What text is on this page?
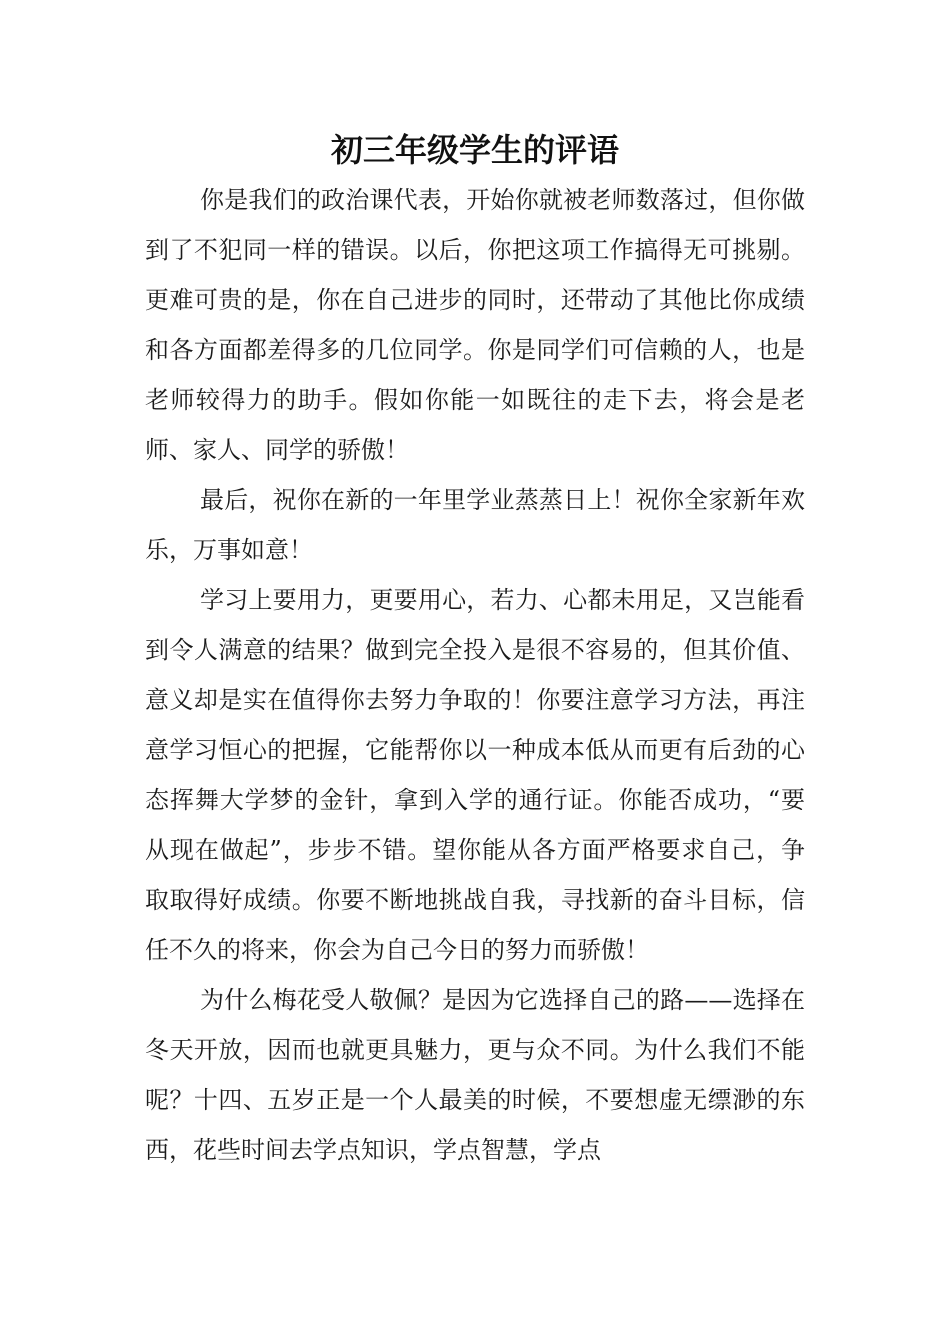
初三年级学生的评语

你是我们的政治课代表，开始你就被老师数落过，但你做到了不犯同一样的错误。以后，你把这项工作搞得无可挑剔。更难可贵的是，你在自己进步的同时，还带动了其他比你成绩和各方面都差得多的几位同学。你是同学们可信赖的人，也是老师较得力的助手。假如你能一如既往的走下去，将会是老师、家人、同学的骄傲！

最后，祝你在新的一年里学业蒸蒸日上！祝你全家新年欢乐，万事如意！

学习上要用力，更要用心，若力、心都未用足，又岂能看到令人满意的结果？做到完全投入是很不容易的，但其价值、意义却是实在值得你去努力争取的！你要注意学习方法，再注意学习恒心的把握，它能帮你以一种成本低从而更有后劲的心态挥舞大学梦的金针，拿到入学的通行证。你能否成功，“要从现在做起”，步步不错。望你能从各方面严格要求自己，争取取得好成绩。你要不断地挑战自我，寻找新的奋斗目标，信任不久的将来，你会为自己今日的努力而骄傲！

为什么梅花受人敬佩？是因为它选择自己的路——选择在冬天开放，因而也就更具魅力，更与众不同。为什么我们不能呢？十四、五岁正是一个人最美的时候，不要想虚无缥渺的东西，花些时间去学点知识，学点智慧，学点
